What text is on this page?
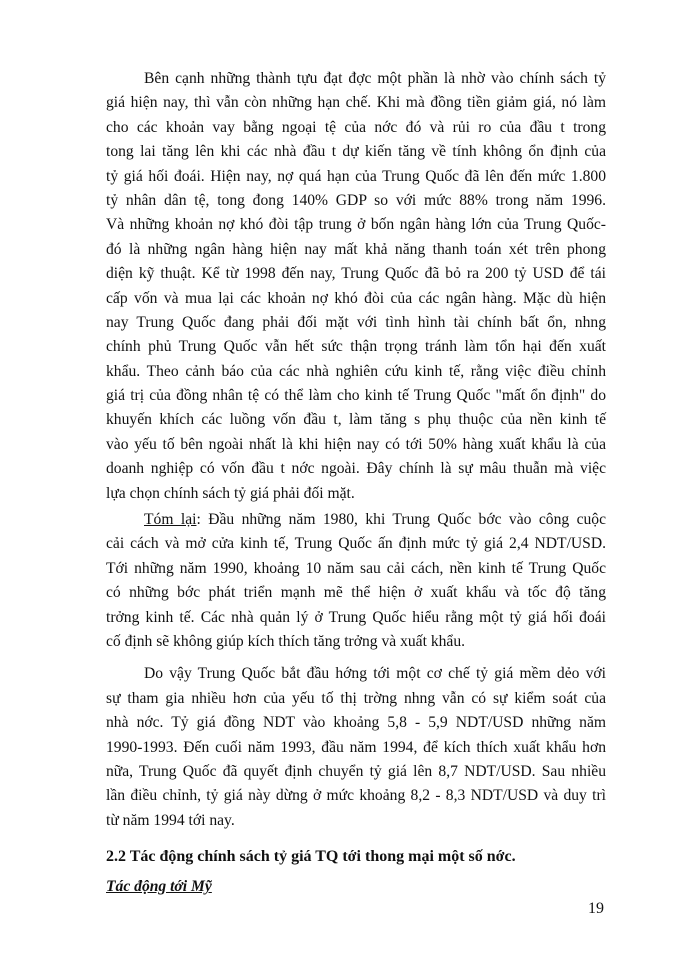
Bên cạnh những thành tựu đạt đợc một phần là nhờ vào chính sách tỷ
giá hiện nay, thì vẫn còn những hạn chế. Khi mà đồng tiền giảm giá, nó làm
cho các khoản vay bằng ngoại tệ của nớc đó và rủi ro của đầu t trong
tong lai tăng lên khi các nhà đầu t dự kiến tăng về tính không ổn định của
tỷ giá hối đoái. Hiện nay, nợ quá hạn của Trung Quốc đã lên đến mức 1.800
tỷ nhân dân tệ, tong đong 140% GDP so với mức 88% trong năm 1996.
Và những khoản nợ khó đòi tập trung ở bốn ngân hàng lớn của Trung Quốc-
đó là những ngân hàng hiện nay mất khả năng thanh toán xét trên phong
diện kỹ thuật. Kể từ 1998 đến nay, Trung Quốc đã bỏ ra 200 tỷ USD để tái
cấp vốn và mua lại các khoản nợ khó đòi của các ngân hàng. Mặc dù hiện
nay Trung Quốc đang phải đối mặt với tình hình tài chính bất ổn, nhng
chính phủ Trung Quốc vẫn hết sức thận trọng tránh làm tổn hại đến xuất
khẩu. Theo cảnh báo của các nhà nghiên cứu kinh tế, rằng việc điều chỉnh
giá trị của đồng nhân tệ có thể làm cho kinh tế Trung Quốc "mất ổn định" do
khuyến khích các luồng vốn đầu t, làm tăng s phụ thuộc của nền kinh tế
vào yếu tố bên ngoài nhất là khi hiện nay có tới 50% hàng xuất khẩu là của
doanh nghiệp có vốn đầu t nớc ngoài. Đây chính là sự mâu thuẫn mà việc
lựa chọn chính sách tỷ giá phải đối mặt.
Tóm lại: Đầu những năm 1980, khi Trung Quốc bớc vào công cuộc
cải cách và mở cửa kinh tế, Trung Quốc ấn định mức tỷ giá 2,4 NDT/USD.
Tới những năm 1990, khoảng 10 năm sau cải cách, nền kinh tế Trung Quốc
có những bớc phát triển mạnh mẽ thể hiện ở xuất khẩu và tốc độ tăng
trởng kinh tế. Các nhà quản lý ở Trung Quốc hiểu rằng một tỷ giá hối đoái
cố định sẽ không giúp kích thích tăng trởng và xuất khẩu.
Do vậy Trung Quốc bắt đầu hớng tới một cơ chế tỷ giá mềm dẻo với
sự tham gia nhiều hơn của yếu tố thị trờng nhng vẫn có sự kiểm soát của
nhà nớc. Tỷ giá đồng NDT vào khoảng 5,8 - 5,9 NDT/USD những năm
1990-1993. Đến cuối năm 1993, đầu năm 1994, để kích thích xuất khẩu hơn
nữa, Trung Quốc đã quyết định chuyển tỷ giá lên 8,7 NDT/USD. Sau nhiều
lần điều chỉnh, tỷ giá này dừng ở mức khoảng 8,2 - 8,3 NDT/USD và duy trì
từ năm 1994 tới nay.
2.2 Tác động chính sách tỷ giá TQ tới thong mại một số nớc.
Tác động tới Mỹ
19
